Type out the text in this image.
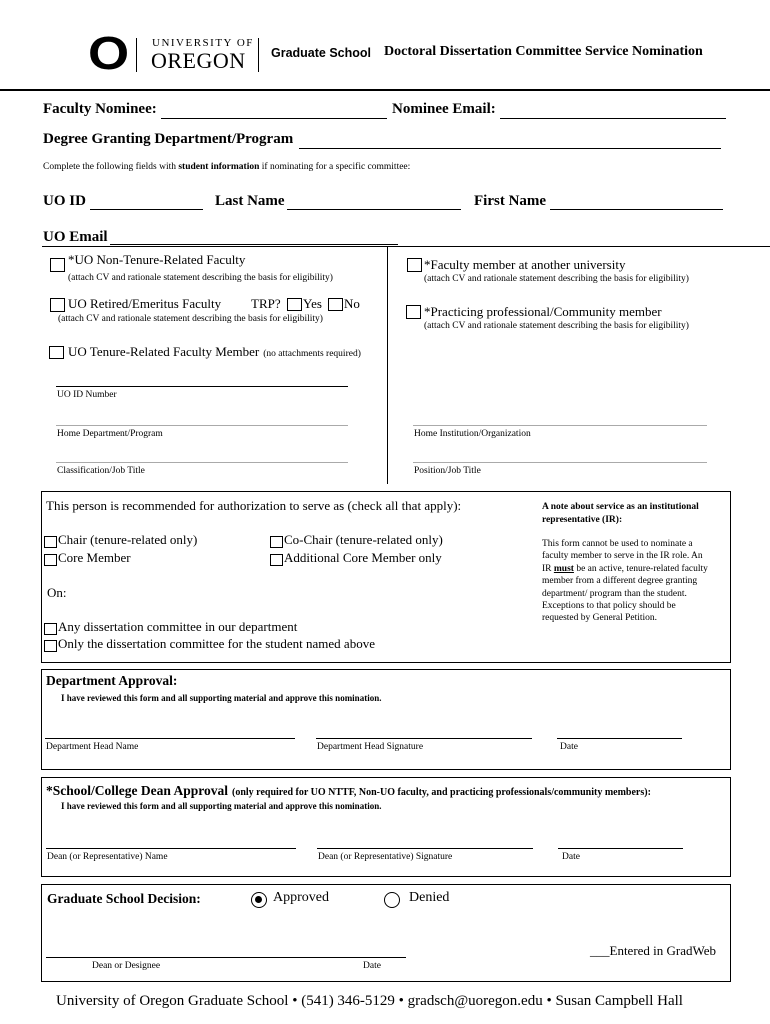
O UNIVERSITY OF
OREGON Graduate School Doctoral Dissertation Committee Service Nomination
Faculty Nominee:	Nominee Email:
Degree Granting Department/Program
Complete the following fields with student information if nominating for a specific committee:
UO ID	Last Name	First Name
UO Email
*UO Non-Tenure-Related Faculty
(attach CV and rationale statement describing the basis for eligibility)
UO Retired/Emeritus Faculty TRP? Yes No
(attach CV and rationale statement describing the basis for eligibility)
UO Tenure-Related Faculty Member (no attachments required)
UO ID Number
Home Department/Program
Classification/Job Title
*Faculty member at another university
(attach CV and rationale statement describing the basis for eligibility)
*Practicing professional/Community member
(attach CV and rationale statement describing the basis for eligibility)
Home Institution/Organization
Position/Job Title
This person is recommended for authorization to serve as (check all that apply):
Chair (tenure-related only)
Core Member
Co-Chair (tenure-related only)
Additional Core Member only
On:
Any dissertation committee in our department
Only the dissertation committee for the student named above
A note about service as an institutional representative (IR):
This form cannot be used to nominate a faculty member to serve in the IR role. An IR must be an active, tenure-related faculty member from a different degree granting department/ program than the student. Exceptions to that policy should be requested by General Petition.
Department Approval:
I have reviewed this form and all supporting material and approve this nomination.
Department Head Name	Department Head Signature	Date
*School/College Dean Approval (only required for UO NTTF, Non-UO faculty, and practicing professionals/community members):
I have reviewed this form and all supporting material and approve this nomination.
Dean (or Representative) Name	Dean (or Representative) Signature	Date
Graduate School Decision:	Approved	Denied
___Entered in GradWeb
Dean or Designee	Date
University of Oregon Graduate School • (541) 346-5129 • gradsch@uoregon.edu • Susan Campbell Hall
